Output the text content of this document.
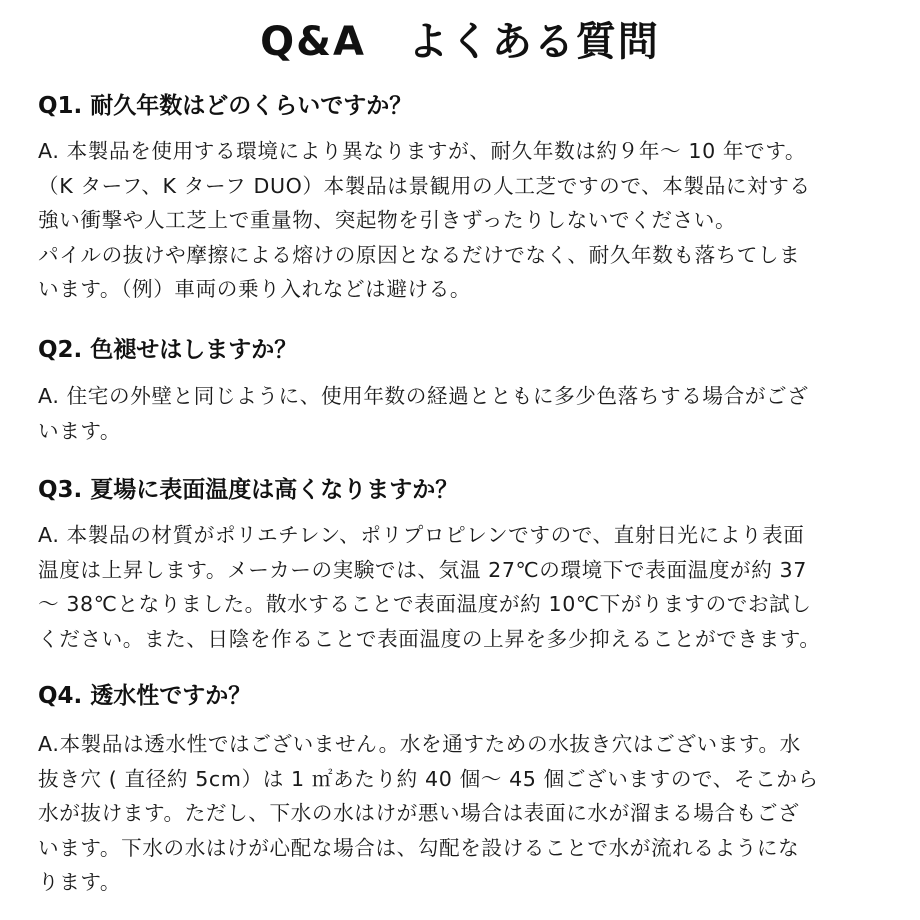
Q&A　よくある質問
Q1. 耐久年数はどのくらいですか？
A. 本製品を使用する環境により異なりますが、耐久年数は約９年～ 10 年です。
（K ターフ、K ターフ DUO）本製品は景観用の人工芝ですので、本製品に対する
強い衝撃や人工芝上で重量物、突起物を引きずったりしないでください。
パイルの抜けや摩擦による熔けの原因となるだけでなく、耐久年数も落ちてしま
います。（例）車両の乗り入れなどは避ける。
Q2. 色褪せはしますか？
A. 住宅の外壁と同じように、使用年数の経過とともに多少色落ちする場合がござ
います。
Q3. 夏場に表面温度は高くなりますか？
A. 本製品の材質がポリエチレン、ポリプロピレンですので、直射日光により表面
温度は上昇します。メーカーの実験では、気温 27℃の環境下で表面温度が約 37
～ 38℃となりました。散水することで表面温度が約 10℃下がりますのでお試し
ください。また、日陰を作ることで表面温度の上昇を多少抑えることができます。
Q4. 透水性ですか？
A.本製品は透水性ではございません。水を通すための水抜き穴はございます。水
抜き穴 ( 直径約 5cm）は 1 ㎡あたり約 40 個～ 45 個ございますので、そこから
水が抜けます。ただし、下水の水はけが悪い場合は表面に水が溜まる場合もござ
います。下水の水はけが心配な場合は、勾配を設けることで水が流れるようにな
ります。
